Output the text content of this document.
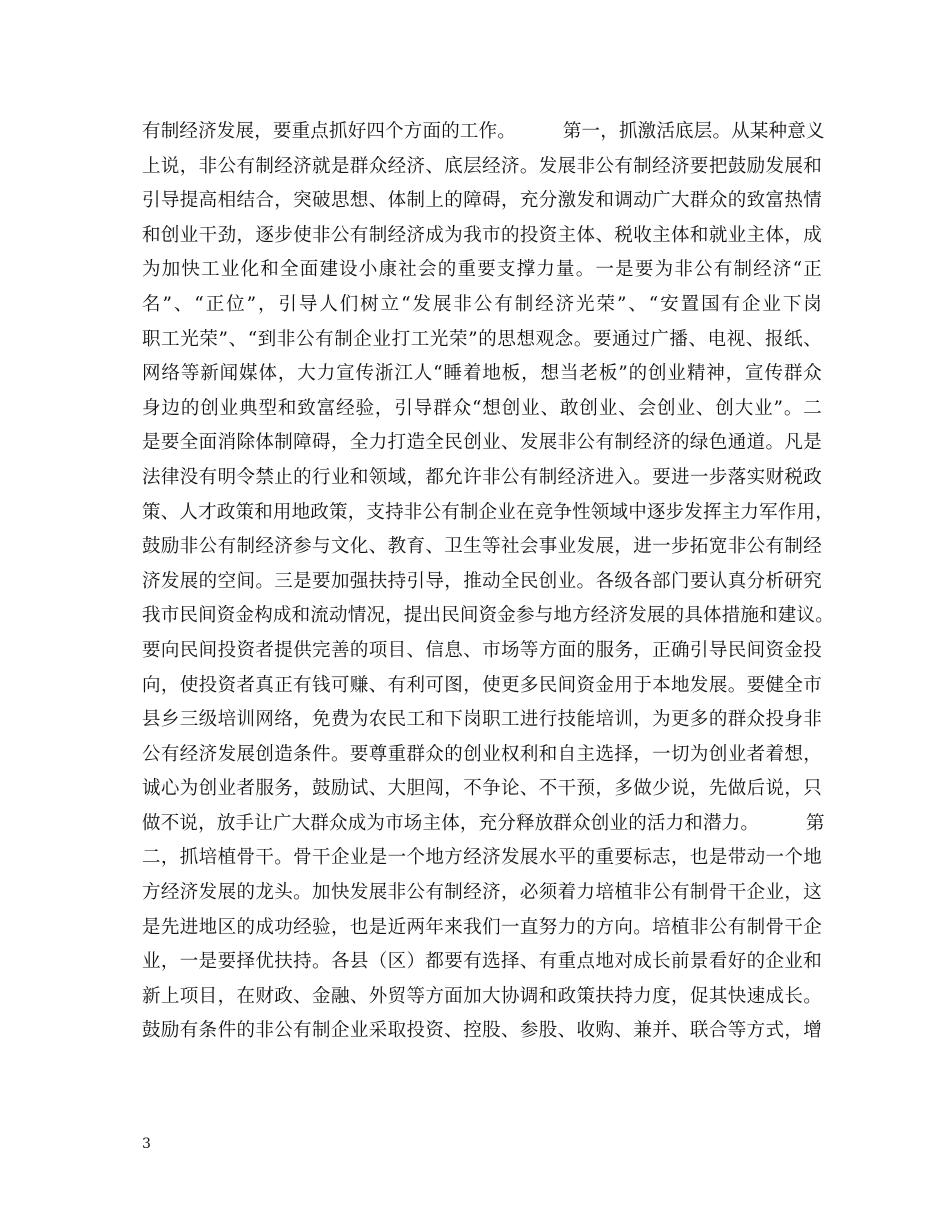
有制经济发展，要重点抓好四个方面的工作。　　　第一，抓激活底层。从某种意义
上说，非公有制经济就是群众经济、底层经济。发展非公有制经济要把鼓励发展和
引导提高相结合，突破思想、体制上的障碍，充分激发和调动广大群众的致富热情
和创业干劲，逐步使非公有制经济成为我市的投资主体、税收主体和就业主体，成
为加快工业化和全面建设小康社会的重要支撑力量。一是要为非公有制经济“正
名”、“正位”，引导人们树立“发展非公有制经济光荣”、“安置国有企业下岗
职工光荣”、“到非公有制企业打工光荣”的思想观念。要通过广播、电视、报纸、
网络等新闻媒体，大力宣传浙江人“睡着地板，想当老板”的创业精神，宣传群众
身边的创业典型和致富经验，引导群众“想创业、敢创业、会创业、创大业”。二
是要全面消除体制障碍，全力打造全民创业、发展非公有制经济的绿色通道。凡是
法律没有明令禁止的行业和领域，都允许非公有制经济进入。要进一步落实财税政
策、人才政策和用地政策，支持非公有制企业在竞争性领域中逐步发挥主力军作用，
鼓励非公有制经济参与文化、教育、卫生等社会事业发展，进一步拓宽非公有制经
济发展的空间。三是要加强扶持引导，推动全民创业。各级各部门要认真分析研究
我市民间资金构成和流动情况，提出民间资金参与地方经济发展的具体措施和建议。
要向民间投资者提供完善的项目、信息、市场等方面的服务，正确引导民间资金投
向，使投资者真正有钱可赚、有利可图，使更多民间资金用于本地发展。要健全市
县乡三级培训网络，免费为农民工和下岗职工进行技能培训，为更多的群众投身非
公有经济发展创造条件。要尊重群众的创业权利和自主选择，一切为创业者着想，
诚心为创业者服务，鼓励试、大胆闯，不争论、不干预，多做少说，先做后说，只
做不说，放手让广大群众成为市场主体，充分释放群众创业的活力和潜力。　　　第
二，抓培植骨干。骨干企业是一个地方经济发展水平的重要标志，也是带动一个地
方经济发展的龙头。加快发展非公有制经济，必须着力培植非公有制骨干企业，这
是先进地区的成功经验，也是近两年来我们一直努力的方向。培植非公有制骨干企
业，一是要择优扶持。各县（区）都要有选择、有重点地对成长前景看好的企业和
新上项目，在财政、金融、外贸等方面加大协调和政策扶持力度，促其快速成长。
鼓励有条件的非公有制企业采取投资、控股、参股、收购、兼并、联合等方式，增
3
